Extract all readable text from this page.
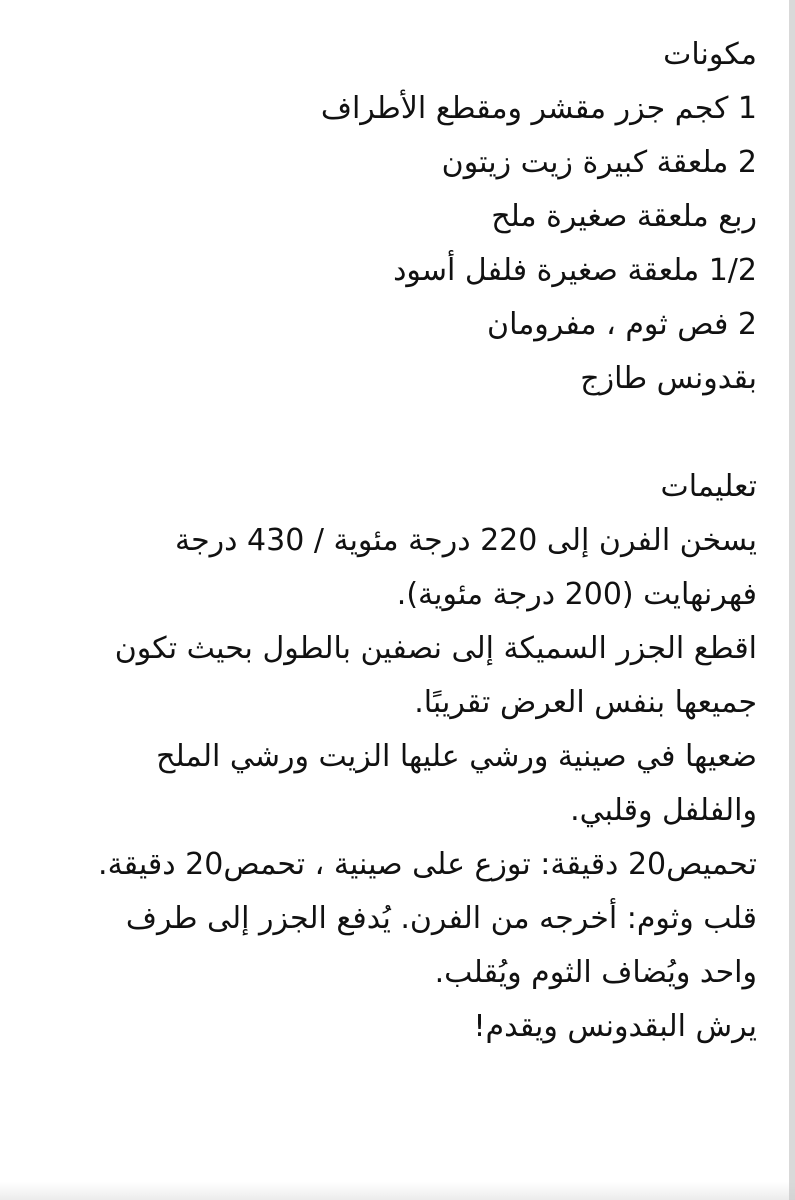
مكونات
1 كجم جزر مقشر ومقطع الأطراف
2 ملعقة كبيرة زيت زيتون
ربع ملعقة صغيرة ملح
1/2 ملعقة صغيرة فلفل أسود
2 فص ثوم ، مفرومان
بقدونس طازج
تعليمات
يسخن الفرن إلى 220 درجة مئوية / 430 درجة فهرنهايت (200 درجة مئوية).
اقطع الجزر السميكة إلى نصفين بالطول بحيث تكون جميعها بنفس العرض تقريبًا.
ضعيها في صينية ورشي عليها الزيت ورشي الملح والفلفل وقلبي.
تحميص20 دقيقة: توزع على صينية ، تحمص20 دقيقة.
قلب وثوم: أخرجه من الفرن. يُدفع الجزر إلى طرف واحد ويُضاف الثوم ويُقلب.
يرش البقدونس ويقدم!
